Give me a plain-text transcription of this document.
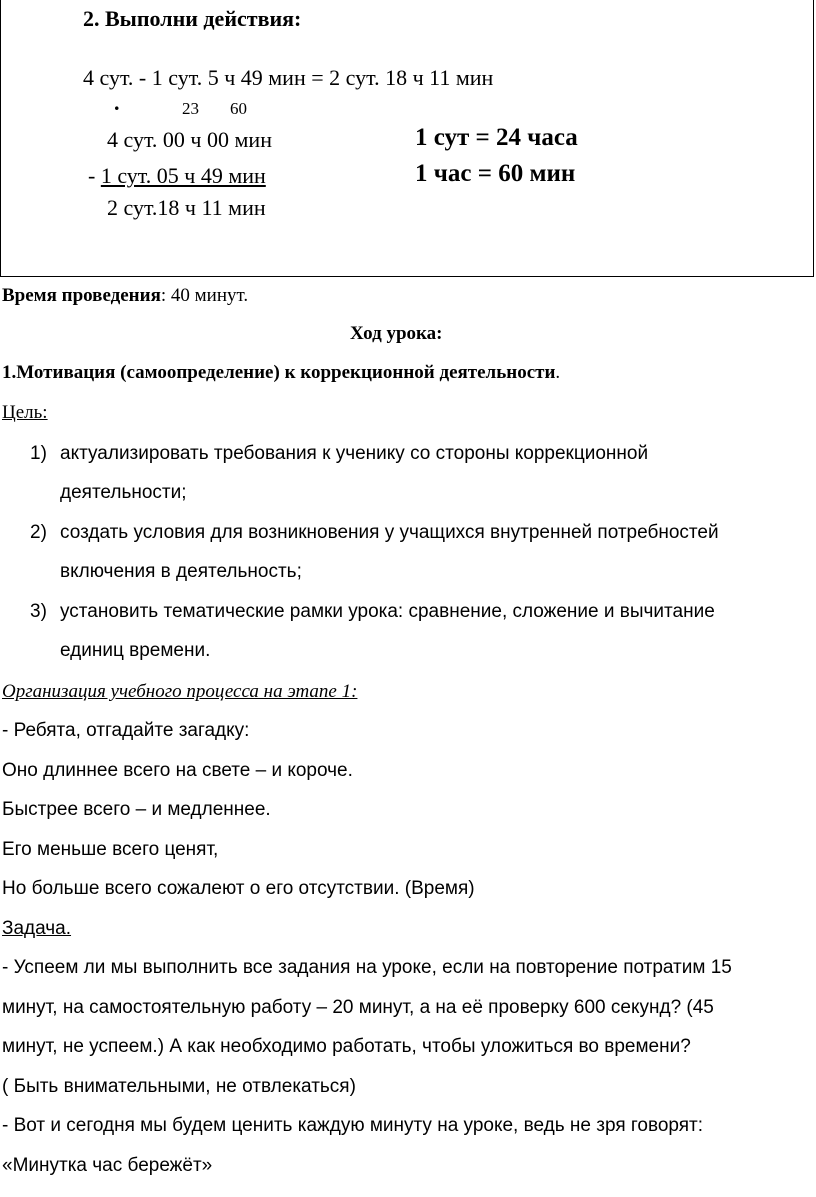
2. Выполни действия:
4 сут. - 1 сут. 5 ч 49 мин = 2 сут. 18 ч 11 мин
.	23 60
4 сут. 00 ч 00 мин
- 1 сут. 05 ч 49 мин
2 сут.18 ч 11 мин
1 сут = 24 часа
1 час = 60 мин
Время проведения: 40 минут.
Ход урока:
1.Мотивация (самоопределение) к коррекционной деятельности.
Цель:
1) актуализировать требования к ученику со стороны коррекционной
деятельности;
2) создать условия для возникновения у учащихся внутренней потребностей
включения в деятельность;
3) установить тематические рамки урока: сравнение, сложение и вычитание
единиц времени.
Организация учебного процесса на этапе 1:
- Ребята, отгадайте загадку:
Оно длиннее всего на свете – и короче.
Быстрее всего – и медленнее.
Его меньше всего ценят,
Но больше всего сожалеют о его отсутствии. (Время)
Задача.
- Успеем ли мы выполнить все задания на уроке, если на повторение потратим 15
минут, на самостоятельную работу – 20 минут, а на её проверку 600 секунд? (45
минут, не успеем.) А как необходимо работать, чтобы уложиться во времени?
( Быть внимательными, не отвлекаться)
- Вот и сегодня мы будем ценить каждую минуту на уроке, ведь не зря говорят:
«Минутка час бережёт»
